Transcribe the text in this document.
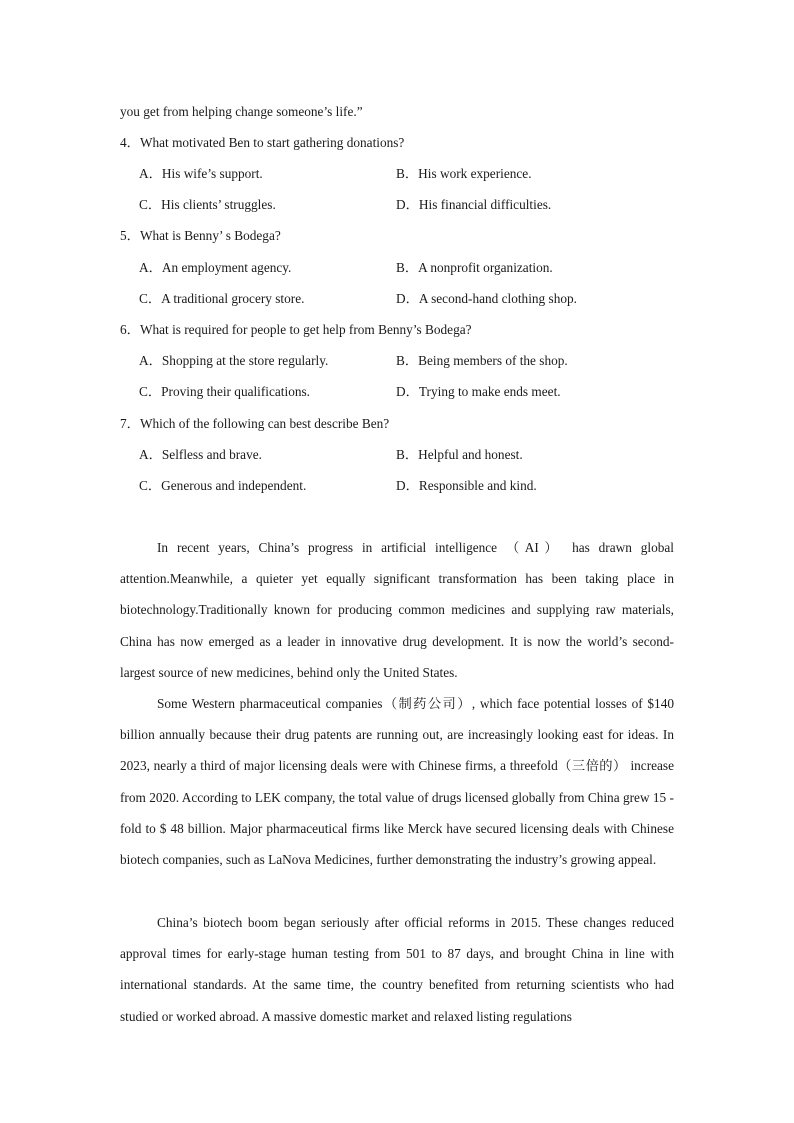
you get from helping change someone’s life.”
4．What motivated Ben to start gathering donations?
A．His wife’s support.	B．His work experience.
C．His clients’ struggles.	D．His financial difficulties.
5．What is Benny’ s Bodega?
A．An employment agency.	B．A nonprofit organization.
C．A traditional grocery store.	D．A second-hand clothing shop.
6．What is required for people to get help from Benny’s Bodega?
A．Shopping at the store regularly.	B．Being members of the shop.
C．Proving their qualifications.	D．Trying to make ends meet.
7．Which of the following can best describe Ben?
A．Selfless and brave.	B．Helpful and honest.
C．Generous and independent.	D．Responsible and kind.
In recent years, China’s progress in artificial intelligence （AI） has drawn global attention.Meanwhile, a quieter yet equally significant transformation has been taking place in biotechnology.Traditionally known for producing common medicines and supplying raw materials, China has now emerged as a leader in innovative drug development. It is now the world’s second-largest source of new medicines, behind only the United States.
Some Western pharmaceutical companies（制药公司）, which face potential losses of $140 billion annually because their drug patents are running out, are increasingly looking east for ideas. In 2023, nearly a third of major licensing deals were with Chinese firms, a threefold（三倍的） increase from 2020. According to LEK company, the total value of drugs licensed globally from China grew 15 - fold to $ 48 billion. Major pharmaceutical firms like Merck have secured licensing deals with Chinese biotech companies, such as LaNova Medicines, further demonstrating the industry’s growing appeal.
China’s biotech boom began seriously after official reforms in 2015. These changes reduced approval times for early-stage human testing from 501 to 87 days, and brought China in line with international standards. At the same time, the country benefited from returning scientists who had studied or worked abroad. A massive domestic market and relaxed listing regulations
